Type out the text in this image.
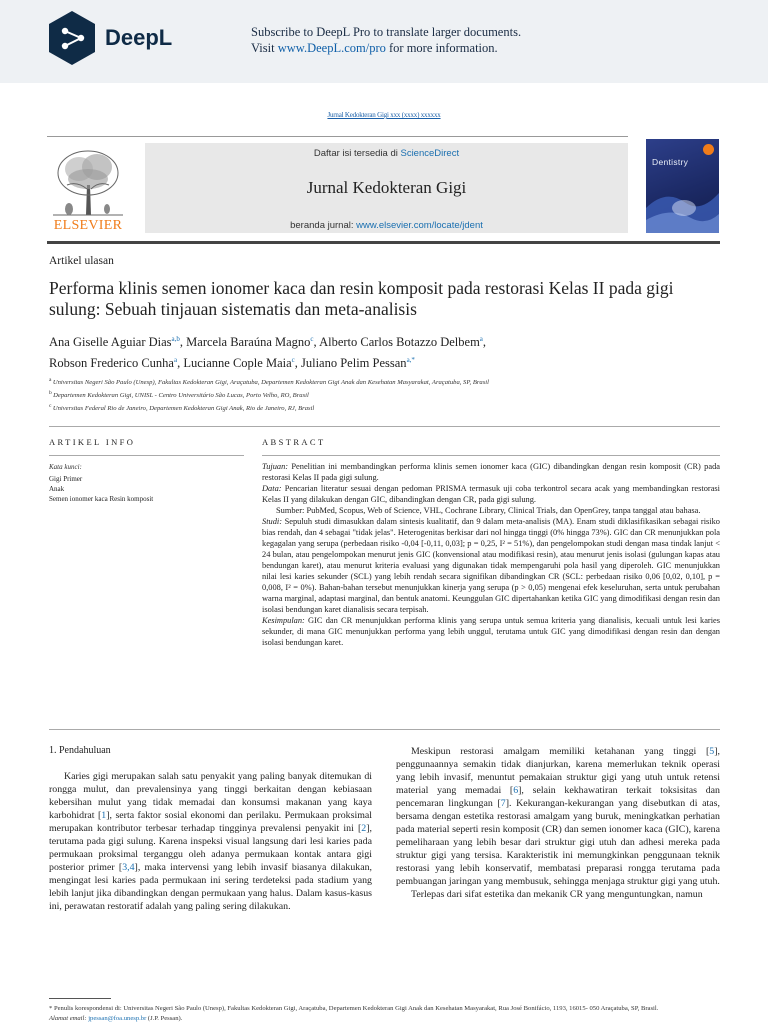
DeepL	Subscribe to DeepL Pro to translate larger documents.
Visit www.DeepL.com/pro for more information.
Jurnal Kedokteran Gigi xxx (xxxx) xxxxxx
ELSEVIER
Daftar isi tersedia di ScienceDirect
Jurnal Kedokteran Gigi
beranda jurnal: www.elsevier.com/locate/jdent
Dentistry
Artikel ulasan
Performa klinis semen ionomer kaca dan resin komposit pada restorasi Kelas II pada gigi sulung: Sebuah tinjauan sistematis dan meta-analisis
Ana Giselle Aguiar Dias$^{a,b}$, Marcela Baraúna Magno$^c$, Alberto Carlos Botazzo Delbem$^a$,
Robson Frederico Cunha$^a$, Lucianne Cople Maia$^c$, Juliano Pelim Pessan$^{a,*}$
$^a$ Universitas Negeri São Paulo (Unesp), Fakultas Kedokteran Gigi, Araçatuba, Departemen Kedokteran Gigi Anak dan Kesehatan Masyarakat, Araçatuba, SP, Brasil
$^b$ Departemen Kedokteran Gigi, UNISL - Centro Universitário São Lucas, Porto Velho, RO, Brasil
$^c$ Universitas Federal Rio de Janeiro, Departemen Kedokteran Gigi Anak, Rio de Janeiro, RJ, Brasil
ARTIKEL INFO	ABSTRACT
Kata kunci:
Gigi Primer
Anak
Semen ionomer kaca Resin komposit

Tujuan: Penelitian ini membandingkan performa klinis semen ionomer kaca (GIC) dibandingkan dengan resin komposit (CR) pada restorasi Kelas II pada gigi sulung.

Data: Pencarian literatur sesuai dengan pedoman PRISMA termasuk uji coba terkontrol secara acak yang membandingkan restorasi Kelas II yang dilakukan dengan GIC, dibandingkan dengan CR, pada gigi sulung.

Sumber: PubMed, Scopus, Web of Science, VHL, Cochrane Library, Clinical Trials, dan OpenGrey, tanpa tanggal atau bahasa.

Studi: Sepuluh studi dimasukkan dalam sintesis kualitatif, dan 9 dalam meta-analisis (MA). Enam studi diklasifikasikan sebagai risiko bias rendah, dan 4 sebagai "tidak jelas". Heterogenitas berkisar dari nol hingga tinggi (0% hingga 73%). GIC dan CR menunjukkan pola kegagalan yang serupa (perbedaan risiko -0,04 [-0,11, 0,03]; p = 0,25, I² = 51%), dan pengelompokan studi dengan masa tindak lanjut < 24 bulan, atau pengelompokan menurut jenis GIC (konvensional atau modifikasi resin), atau menurut jenis isolasi (gulungan kapas atau bendungan karet), atau menurut kriteria evaluasi yang digunakan tidak mempengaruhi pola hasil yang diperoleh. GIC menunjukkan nilai lesi karies sekunder (SCL) yang lebih rendah secara signifikan dibandingkan CR (SCL: perbedaan risiko 0,06 [0,02, 0,10], p = 0,008, I² = 0%). Bahan-bahan tersebut menunjukkan kinerja yang serupa (p > 0,05) mengenai efek keseluruhan, serta untuk perubahan warna marginal, adaptasi marginal, dan bentuk anatomi. Keunggulan GIC dipertahankan ketika GIC yang dimodifikasi dengan resin dan isolasi bendungan karet dianalisis secara terpisah.

Kesimpulan: GIC dan CR menunjukkan performa klinis yang serupa untuk semua kriteria yang dianalisis, kecuali untuk lesi karies sekunder, di mana GIC menunjukkan performa yang lebih unggul, terutama untuk GIC yang dimodifikasi dengan resin dan dengan isolasi bendungan karet.

1. Pendahuluan

Karies gigi merupakan salah satu penyakit yang paling banyak ditemukan di rongga mulut, dan prevalensinya yang tinggi berkaitan dengan kebiasaan kebersihan mulut yang tidak memadai dan konsumsi makanan yang kaya karbohidrat [1], serta faktor sosial ekonomi dan perilaku. Permukaan proksimal merupakan kontributor terbesar terhadap tingginya prevalensi penyakit ini [2], terutama pada gigi sulung. Karena inspeksi visual langsung dari lesi karies pada permukaan proksimal terganggu oleh adanya permukaan kontak antara gigi posterior primer [3,4], maka intervensi yang lebih invasif biasanya dilakukan, mengingat lesi karies pada permukaan ini sering terdeteksi pada stadium yang lebih lanjut jika dibandingkan dengan permukaan yang halus. Dalam kasus-kasus ini, perawatan restoratif adalah yang paling sering dilakukan.

Meskipun restorasi amalgam memiliki ketahanan yang tinggi [5], penggunaannya semakin tidak dianjurkan, karena memerlukan teknik operasi yang lebih invasif, menuntut pemakaian struktur gigi yang utuh untuk retensi material yang memadai [6], selain kekhawatiran terkait toksisitas dan pencemaran lingkungan [7]. Kekurangan-kekurangan yang disebutkan di atas, bersama dengan estetika restorasi amalgam yang buruk, meningkatkan perhatian pada material seperti resin komposit (CR) dan semen ionomer kaca (GIC), karena pemeliharaan yang lebih besar dari struktur gigi utuh dan adhesi mereka pada struktur gigi yang tersisa. Karakteristik ini memungkinkan penggunaan teknik restorasi yang lebih konservatif, membatasi preparasi rongga terutama pada pembuangan jaringan yang membusuk, sehingga menjaga struktur gigi yang utuh.

Terlepas dari sifat estetika dan mekanik CR yang menguntungkan, namun

* Penulis korespondensi di: Universitas Negeri São Paulo (Unesp), Fakultas Kedokteran Gigi, Araçatuba, Departemen Kedokteran Gigi Anak dan Kesehatan Masyarakat, Rua José Bonifácio, 1193, 16015- 050 Araçatuba, SP, Brasil.
Alamat email: jpessan@foa.unesp.br (J.P. Pessan).
